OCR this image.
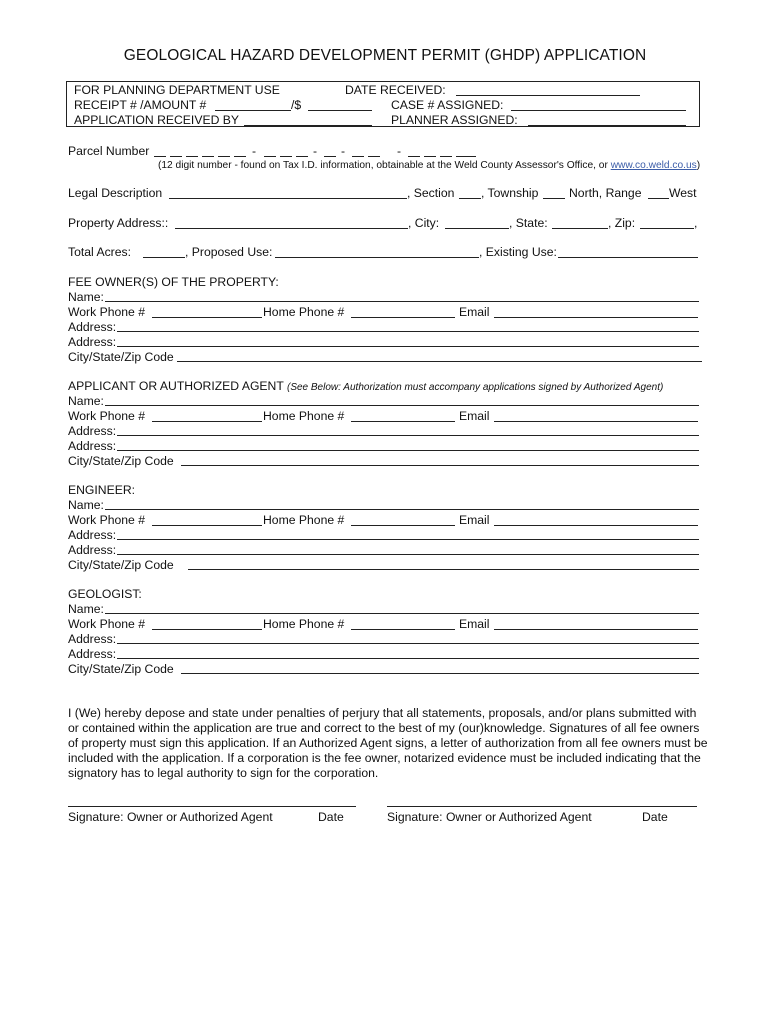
GEOLOGICAL HAZARD DEVELOPMENT PERMIT (GHDP) APPLICATION
FOR PLANNING DEPARTMENT USE	DATE RECEIVED:
RECEIPT # /AMOUNT #	/$	CASE # ASSIGNED:
APPLICATION RECEIVED BY	PLANNER ASSIGNED:
Parcel Number	-	- -	-
(12 digit number - found on Tax I.D. information, obtainable at the Weld County Assessor's Office, or www.co.weld.co.us)
Legal Description	, Section , Township	North, Range West
Property Address::	, City:	, State:	, Zip:	,
Total Acres:	, Proposed Use:	, Existing Use:
FEE OWNER(S) OF THE PROPERTY:
Name:
Work Phone #	Home Phone #	Email
Address:
Address:
City/State/Zip Code
APPLICANT OR AUTHORIZED AGENT (See Below: Authorization must accompany applications signed by Authorized Agent)
Name:
Work Phone #	Home Phone #	Email
Address:
Address:
City/State/Zip Code
ENGINEER:
Name:
Work Phone #	Home Phone #	Email
Address:
Address:
City/State/Zip Code
GEOLOGIST:
Name:
Work Phone #	Home Phone #	Email
Address:
Address:
City/State/Zip Code
I (We) hereby depose and state under penalties of perjury that all statements, proposals, and/or plans submitted with or contained within the application are true and correct to the best of my (our)knowledge. Signatures of all fee owners of property must sign this application. If an Authorized Agent signs, a letter of authorization from all fee owners must be included with the application. If a corporation is the fee owner, notarized evidence must be included indicating that the signatory has to legal authority to sign for the corporation.
Signature: Owner or Authorized Agent	Date	Signature: Owner or Authorized Agent	Date
